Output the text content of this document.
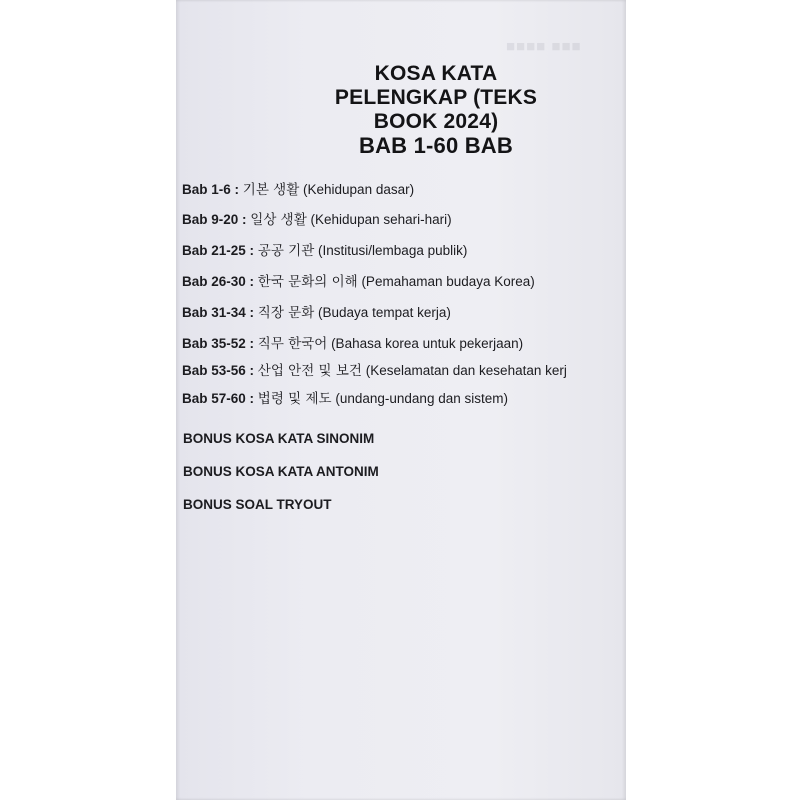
■■■■ ■■■
KOSA KATA
PELENGKAP (TEKS
BOOK 2024)
BAB 1-60 BAB
Bab 1-6 : 기본 생활 (Kehidupan dasar)
Bab 9-20 : 일상 생활 (Kehidupan sehari-hari)
Bab 21-25 : 공공 기관 (Institusi/lembaga publik)
Bab 26-30 : 한국 문화의 이해 (Pemahaman budaya Korea)
Bab 31-34 : 직장 문화 (Budaya tempat kerja)
Bab 35-52 : 직무 한국어 (Bahasa korea untuk pekerjaan)
Bab 53-56 : 산업 안전 및 보건 (Keselamatan dan kesehatan kerj
Bab 57-60 : 법령 및 제도 (undang-undang dan sistem)
BONUS KOSA KATA SINONIM
BONUS KOSA KATA ANTONIM
BONUS SOAL TRYOUT
